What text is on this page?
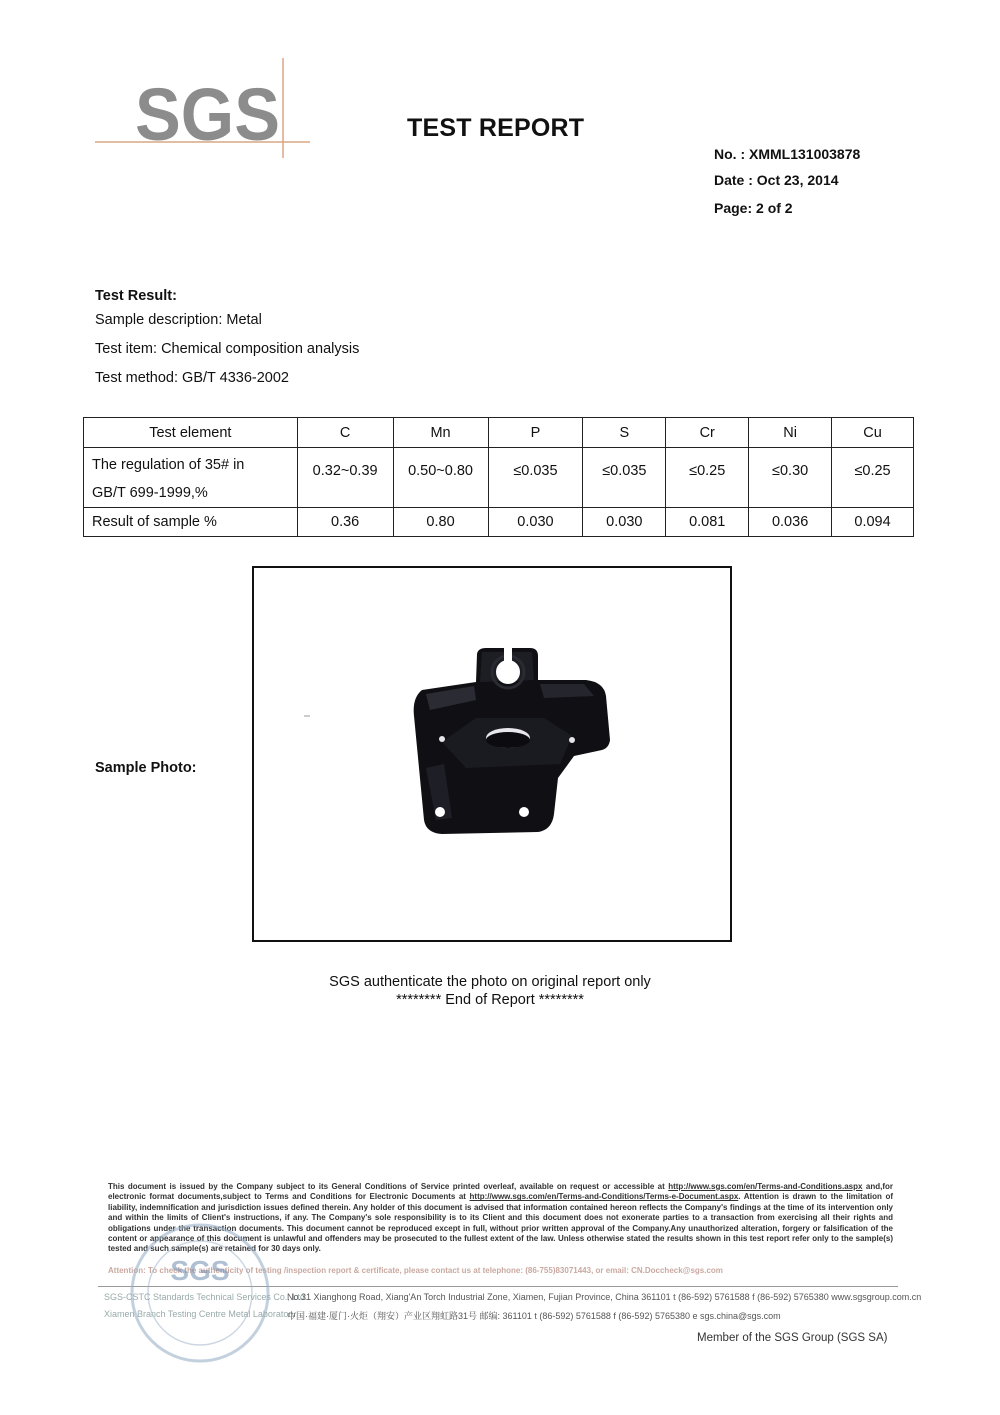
SGS	TEST REPORT
No. : XMML131003878
Date : Oct 23, 2014
Page: 2 of 2
Test Result:
Sample description: Metal
Test item: Chemical composition analysis
Test method: GB/T 4336-2002
Test element	C	Mn	P	S	Cr	Ni	Cu

The regulation of 35# in
GB/T 699-1999,%	0.32~0.39	0.50~0.80	≤0.035	≤0.035	≤0.25	≤0.30	≤0.25

Result of sample %	0.36	0.80	0.030	0.030	0.081	0.036	0.094
Sample Photo:
SGS authenticate the photo on original report only
******** End of Report ********
This document is issued by the Company subject to its General Conditions of Service printed overleaf, available on request or accessible at http://www.sgs.com/en/Terms-and-Conditions.aspx and,for electronic format documents,subject to Terms and Conditions for Electronic Documents at http://www.sgs.com/en/Terms-and-Conditions/Terms-e-Document.aspx. Attention is drawn to the limitation of liability, indemnification and jurisdiction issues defined therein. Any holder of this document is advised that information contained hereon reflects the Company's findings at the time of its intervention only and within the limits of Client's instructions, if any. The Company's sole responsibility is to its Client and this document does not exonerate parties to a transaction from exercising all their rights and obligations under the transaction documents. This document cannot be reproduced except in full, without prior written approval of the Company.Any unauthorized alteration, forgery or falsification of the content or appearance of this document is unlawful and offenders may be prosecuted to the fullest extent of the law. Unless otherwise stated the results shown in this test report refer only to the sample(s) tested and such sample(s) are retained for 30 days only.
Attention: To check the authenticity of testing /inspection report & certificate, please contact us at telephone: (86-755)83071443, or email: CN.Doccheck@sgs.com
SGS
SGS-CSTC Standards Technical Services Co., Ltd.
Xiamen Branch Testing Centre Metal Laboratory
No.31 Xianghong Road, Xiang'An Torch Industrial Zone, Xiamen, Fujian Province, China 361101 t (86-592) 5761588 f (86-592) 5765380 www.sgsgroup.com.cn
中国·福建·厦门·火炬（翔安）产业区翔虹路31号 邮编: 361101 t (86-592) 5761588 f (86-592) 5765380 e sgs.china@sgs.com
Member of the SGS Group (SGS SA)
